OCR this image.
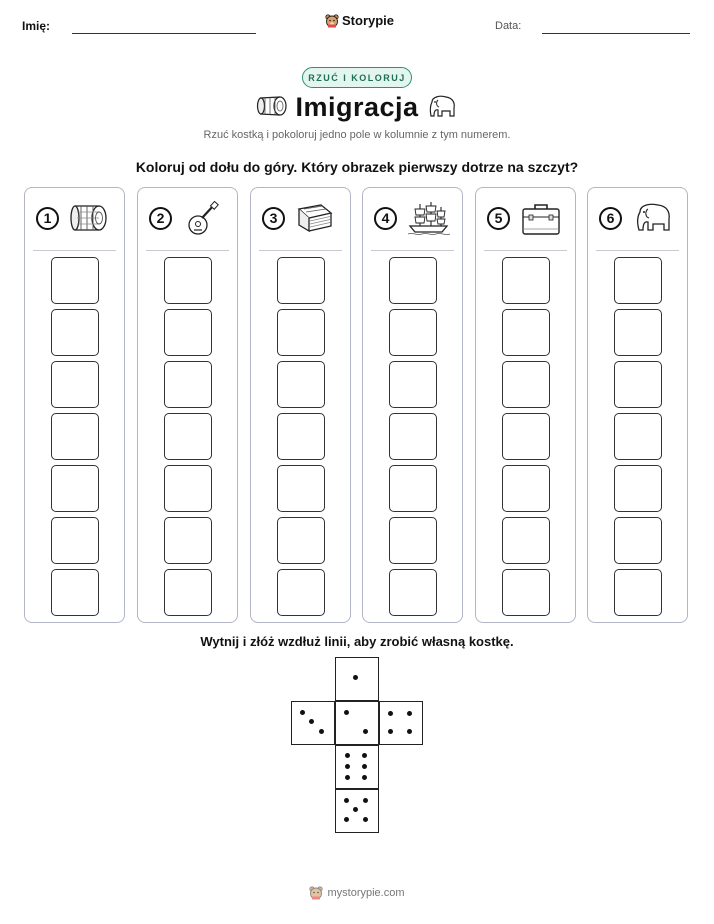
Imię:	Storypie	Data:
RZUĆ I KOLORUJ
Imigracja
Rzuć kostką i pokoloruj jedno pole w kolumnie z tym numerem.
Koloruj od dołu do góry. Który obrazek pierwszy dotrze na szczyt?
1	2	3	4	5	6
Wytnij i złóż wzdłuż linii, aby zrobić własną kostkę.
mystorypie.com
